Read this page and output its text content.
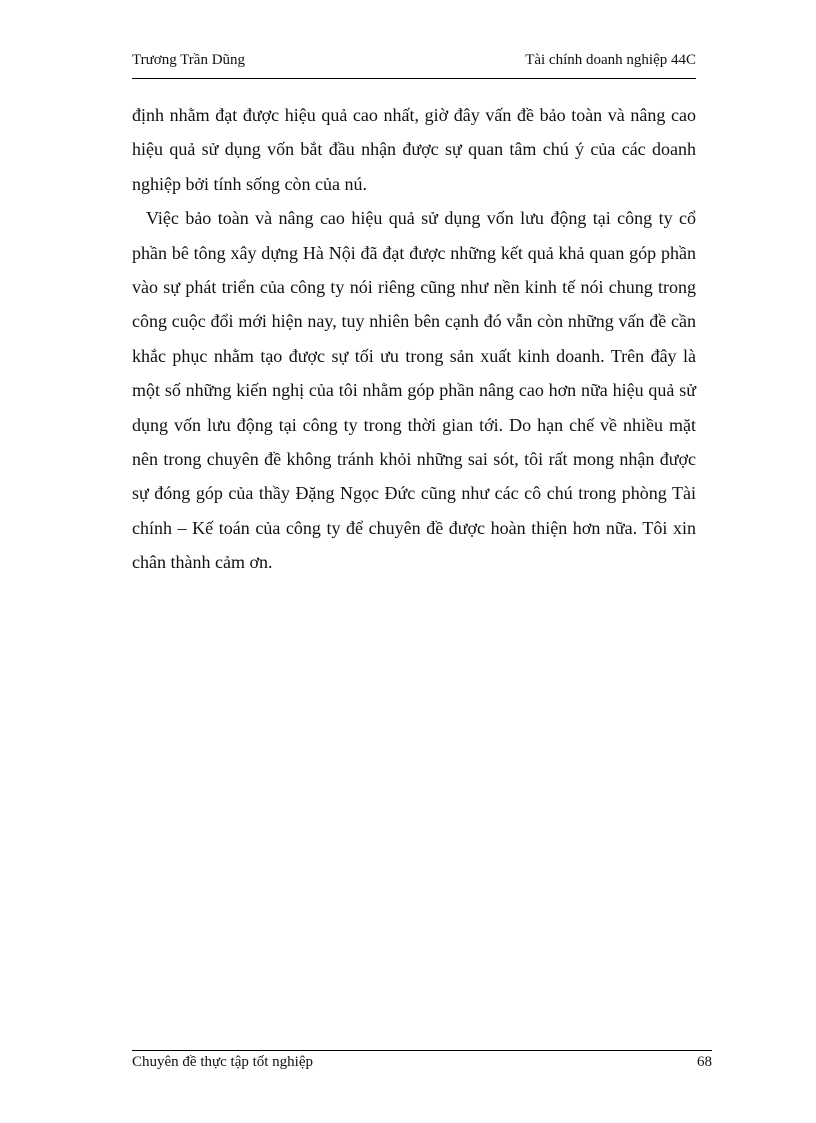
Trương Trần Dũng	Tài chính doanh nghiệp 44C

định nhằm đạt được hiệu quả cao nhất, giờ đây vấn đề bảo toàn và nâng cao hiệu quả sử dụng vốn bắt đầu nhận được sự quan tâm chú ý của các doanh nghiệp bởi tính sống còn của nú.

Việc bảo toàn và nâng cao hiệu quả sử dụng vốn lưu động tại công ty cổ phần bê tông xây dựng Hà Nội đã đạt được những kết quả khả quan góp phần vào sự phát triển của công ty nói riêng cũng như nền kinh tế nói chung trong công cuộc đổi mới hiện nay, tuy nhiên bên cạnh đó vẫn còn những vấn đề cần khắc phục nhằm tạo được sự tối ưu trong sản xuất kinh doanh. Trên đây là một số những kiến nghị của tôi nhằm góp phần nâng cao hơn nữa hiệu quả sử dụng vốn lưu động tại công ty trong thời gian tới. Do hạn chế về nhiều mặt nên trong chuyên đề không tránh khỏi những sai sót, tôi rất mong nhận được sự đóng góp của thầy Đặng Ngọc Đức cũng như các cô chú trong phòng Tài chính – Kế toán của công ty để chuyên đề được hoàn thiện hơn nữa. Tôi xin chân thành cảm ơn.

Chuyên đề thực tập tốt nghiệp	68
